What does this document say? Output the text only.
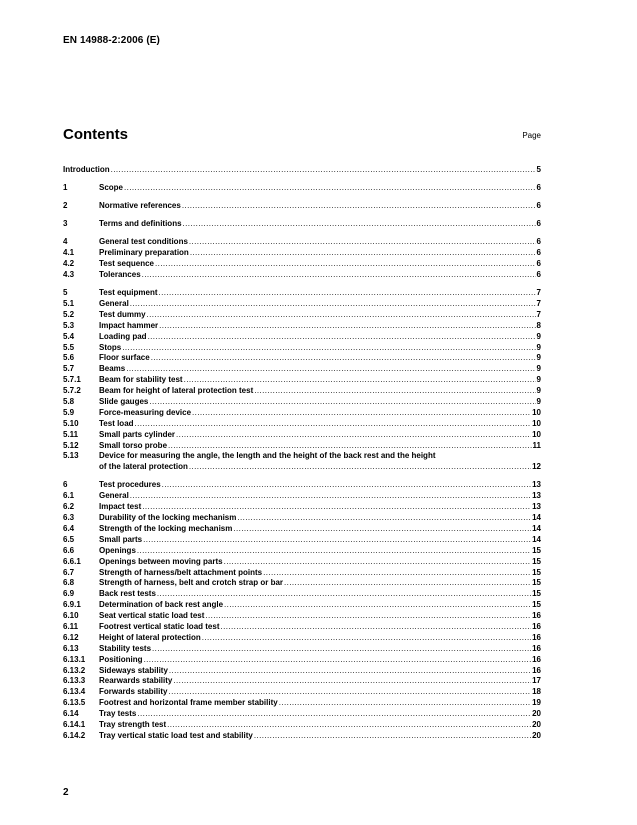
EN 14988-2:2006 (E)
Contents	Page
Introduction .....	5
1	Scope .....	6
2	Normative references .....	6
3	Terms and definitions .....	6
4	General test conditions .....	6
4.1	Preliminary preparation .....	6
4.2	Test sequence .....	6
4.3	Tolerances .....	6
5	Test equipment .....	7
5.1	General .....	7
5.2	Test dummy .....	7
5.3	Impact hammer .....	8
5.4	Loading pad .....	9
5.5	Stops .....	9
5.6	Floor surface .....	9
5.7	Beams .....	9
5.7.1	Beam for stability test .....	9
5.7.2	Beam for height of lateral protection test .....	9
5.8	Slide gauges .....	9
5.9	Force-measuring device .....	10
5.10	Test load .....	10
5.11	Small parts cylinder .....	10
5.12	Small torso probe .....	11
5.13	Device for measuring the angle, the length and the height of the back rest and the height
of the lateral protection .....	12
6	Test procedures .....	13
6.1	General .....	13
6.2	Impact test .....	13
6.3	Durability of the locking mechanism .....	14
6.4	Strength of the locking mechanism .....	14
6.5	Small parts .....	14
6.6	Openings .....	15
6.6.1	Openings between moving parts .....	15
6.7	Strength of harness/belt attachment points .....	15
6.8	Strength of harness, belt and crotch strap or bar .....	15
6.9	Back rest tests .....	15
6.9.1	Determination of back rest angle .....	15
6.10	Seat vertical static load test .....	16
6.11	Footrest vertical static load test .....	16
6.12	Height of lateral protection .....	16
6.13	Stability tests .....	16
6.13.1	Positioning .....	16
6.13.2	Sideways stability .....	16
6.13.3	Rearwards stability .....	17
6.13.4	Forwards stability .....	18
6.13.5	Footrest and horizontal frame member stability .....	19
6.14	Tray tests .....	20
6.14.1	Tray strength test .....	20
6.14.2	Tray vertical static load test and stability .....	20
2
